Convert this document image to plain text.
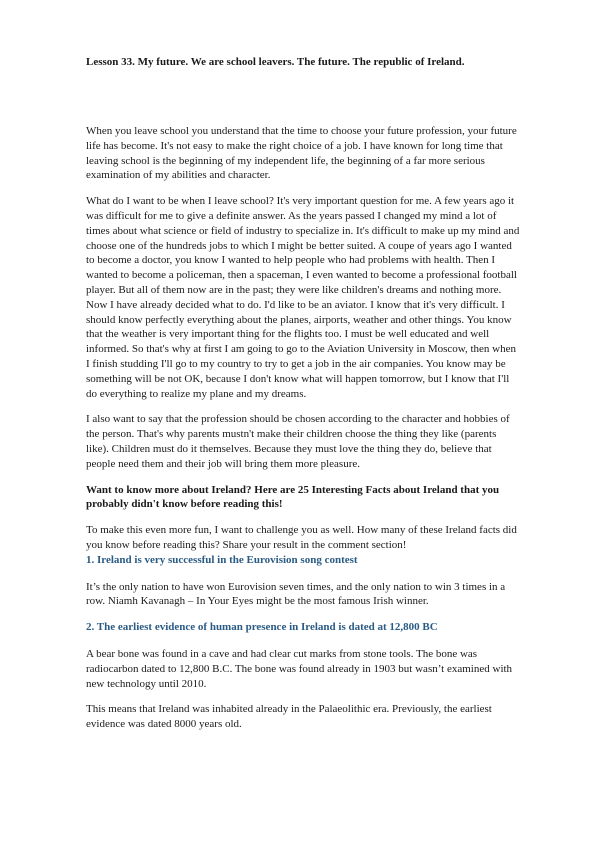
Lesson 33. My future. We are school leavers. The future. The republic of Ireland.

When you leave school you understand that the time to choose your future profession, your future life has become. It's not easy to make the right choice of a job. I have known for long time that leaving school is the beginning of my independent life, the beginning of a far more serious examination of my abilities and character.

What do I want to be when I leave school? It's very important question for me. A few years ago it was difficult for me to give a definite answer. As the years passed I changed my mind a lot of times about what science or field of industry to specialize in. It's difficult to make up my mind and choose one of the hundreds jobs to which I might be better suited. A coupe of years ago I wanted to become a doctor, you know I wanted to help people who had problems with health. Then I wanted to become a policeman, then a spaceman, I even wanted to become a professional football player. But all of them now are in the past; they were like children's dreams and nothing more. Now I have already decided what to do. I'd like to be an aviator. I know that it's very difficult. I should know perfectly everything about the planes, airports, weather and other things. You know that the weather is very important thing for the flights too. I must be well educated and well informed. So that's why at first I am going to go to the Aviation University in Moscow, then when I finish studding I'll go to my country to try to get a job in the air companies. You know may be something will be not OK, because I don't know what will happen tomorrow, but I know that I'll do everything to realize my plane and my dreams.

I also want to say that the profession should be chosen according to the character and hobbies of the person. That's why parents mustn't make their children choose the thing they like (parents like). Children must do it themselves. Because they must love the thing they do, believe that people need them and their job will bring them more pleasure.

Want to know more about Ireland? Here are 25 Interesting Facts about Ireland that you probably didn't know before reading this!

To make this even more fun, I want to challenge you as well. How many of these Ireland facts did you know before reading this? Share your result in the comment section!

1. Ireland is very successful in the Eurovision song contest

It’s the only nation to have won Eurovision seven times, and the only nation to win 3 times in a row. Niamh Kavanagh – In Your Eyes might be the most famous Irish winner.

2. The earliest evidence of human presence in Ireland is dated at 12,800 BC

A bear bone was found in a cave and had clear cut marks from stone tools. The bone was radiocarbon dated to 12,800 B.C. The bone was found already in 1903 but wasn’t examined with new technology until 2010.

This means that Ireland was inhabited already in the Palaeolithic era. Previously, the earliest evidence was dated 8000 years old.
